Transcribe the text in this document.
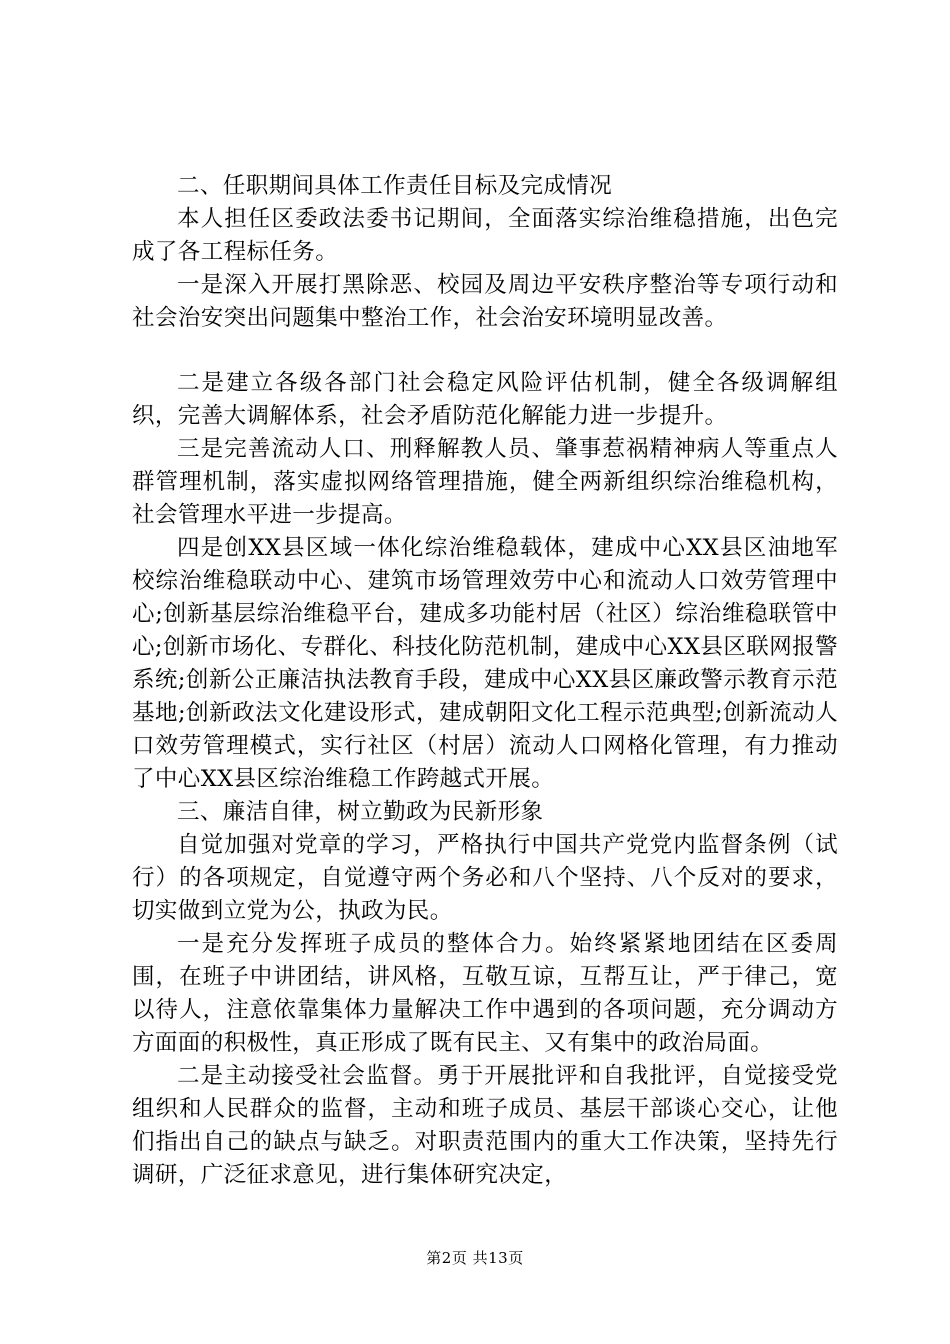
二、任职期间具体工作责任目标及完成情况

本人担任区委政法委书记期间，全面落实综治维稳措施，出色完成了各工程标任务。

一是深入开展打黑除恶、校园及周边平安秩序整治等专项行动和社会治安突出问题集中整治工作，社会治安环境明显改善。

二是建立各级各部门社会稳定风险评估机制，健全各级调解组织，完善大调解体系，社会矛盾防范化解能力进一步提升。

三是完善流动人口、刑释解教人员、肇事惹祸精神病人等重点人群管理机制，落实虚拟网络管理措施，健全两新组织综治维稳机构，社会管理水平进一步提高。

四是创XX县区域一体化综治维稳载体，建成中心XX县区油地军校综治维稳联动中心、建筑市场管理效劳中心和流动人口效劳管理中心;创新基层综治维稳平台，建成多功能村居（社区）综治维稳联管中心;创新市场化、专群化、科技化防范机制，建成中心XX县区联网报警系统;创新公正廉洁执法教育手段，建成中心XX县区廉政警示教育示范基地;创新政法文化建设形式，建成朝阳文化工程示范典型;创新流动人口效劳管理模式，实行社区（村居）流动人口网格化管理，有力推动了中心XX县区综治维稳工作跨越式开展。

三、廉洁自律，树立勤政为民新形象

自觉加强对党章的学习，严格执行中国共产党党内监督条例（试行）的各项规定，自觉遵守两个务必和八个坚持、八个反对的要求，切实做到立党为公，执政为民。

一是充分发挥班子成员的整体合力。始终紧紧地团结在区委周围，在班子中讲团结，讲风格，互敬互谅，互帮互让，严于律己，宽以待人，注意依靠集体力量解决工作中遇到的各项问题，充分调动方方面面的积极性，真正形成了既有民主、又有集中的政治局面。

二是主动接受社会监督。勇于开展批评和自我批评，自觉接受党组织和人民群众的监督，主动和班子成员、基层干部谈心交心，让他们指出自己的缺点与缺乏。对职责范围内的重大工作决策，坚持先行调研，广泛征求意见，进行集体研究决定，

第2页 共13页
